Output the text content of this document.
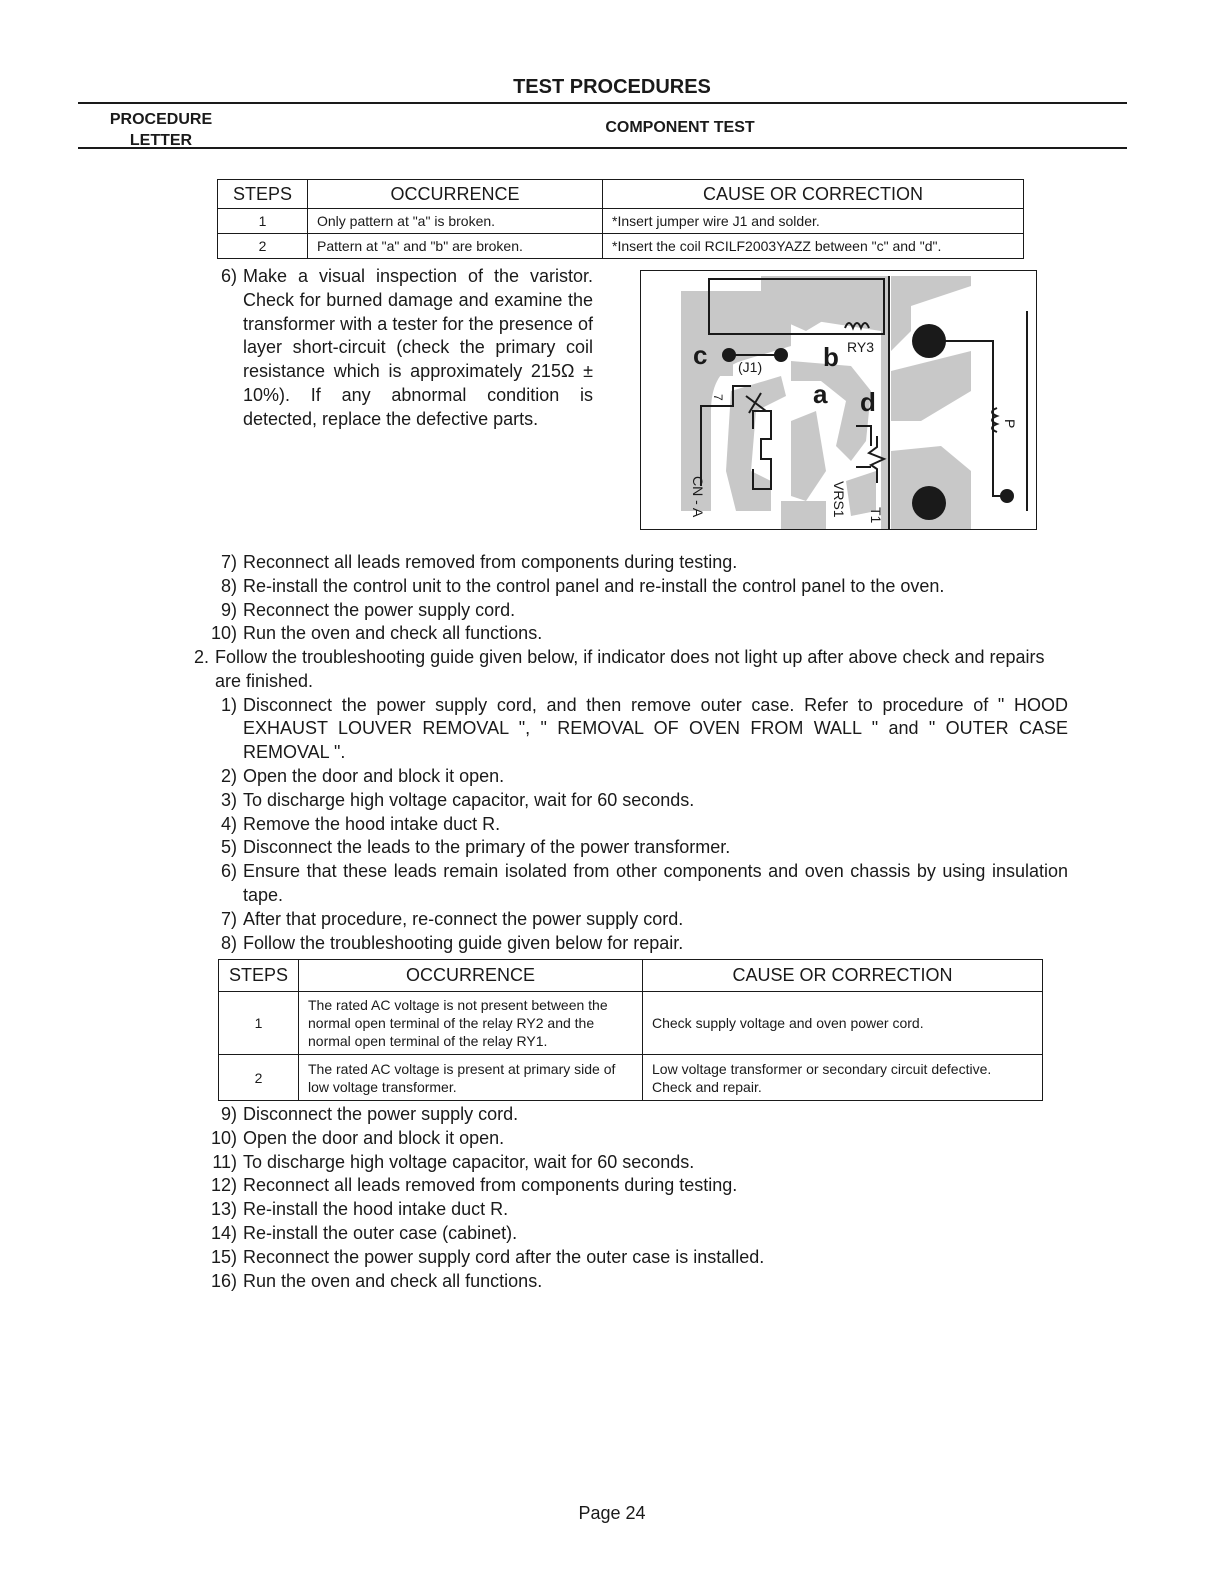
TEST PROCEDURES
PROCEDURE
LETTER
COMPONENT TEST
STEPS	OCCURRENCE	CAUSE OR CORRECTION
1	Only pattern at "a" is broken.	*Insert jumper wire J1 and solder.
2	Pattern at "a" and "b" are broken.	*Insert the coil RCILF2003YAZZ between "c" and "d".
6) Make a visual inspection of the varistor. Check for burned damage and examine the transformer with a tester for the presence of layer short-circuit (check the primary coil resistance which is approximately 215Ω ± 10%). If any abnormal condition is detected, replace the defective parts.
c	b
a d
(J1)
RY3
P
7
CN - A	VRS1 T1
7) Reconnect all leads removed from components during testing.
8) Re-install the control unit to the control panel and re-install the control panel to the oven.
9) Reconnect the power supply cord.
10) Run the oven and check all functions.
2. Follow the troubleshooting guide given below, if indicator does not light up after above check and repairs are finished.
1) Disconnect the power supply cord, and then remove outer case. Refer to procedure of " HOOD EXHAUST LOUVER REMOVAL ", " REMOVAL OF OVEN FROM WALL " and " OUTER CASE REMOVAL ".
2) Open the door and block it open.
3) To discharge high voltage capacitor, wait for 60 seconds.
4) Remove the hood intake duct R.
5) Disconnect the leads to the primary of the power transformer.
6) Ensure that these leads remain isolated from other components and oven chassis by using insulation tape.
7) After that procedure, re-connect the power supply cord.
8) Follow the troubleshooting guide given below for repair.
STEPS	OCCURRENCE	CAUSE OR CORRECTION
1	The rated AC voltage is not present between the normal open terminal of the relay RY2 and the normal open terminal of the relay RY1.	Check supply voltage and oven power cord.
2	The rated AC voltage is present at primary side of low voltage transformer.	Low voltage transformer or secondary circuit defective. Check and repair.
9) Disconnect the power supply cord.
10) Open the door and block it open.
11) To discharge high voltage capacitor, wait for 60 seconds.
12) Reconnect all leads removed from components during testing.
13) Re-install the hood intake duct R.
14) Re-install the outer case (cabinet).
15) Reconnect the power supply cord after the outer case is installed.
16) Run the oven and check all functions.
Page 24
